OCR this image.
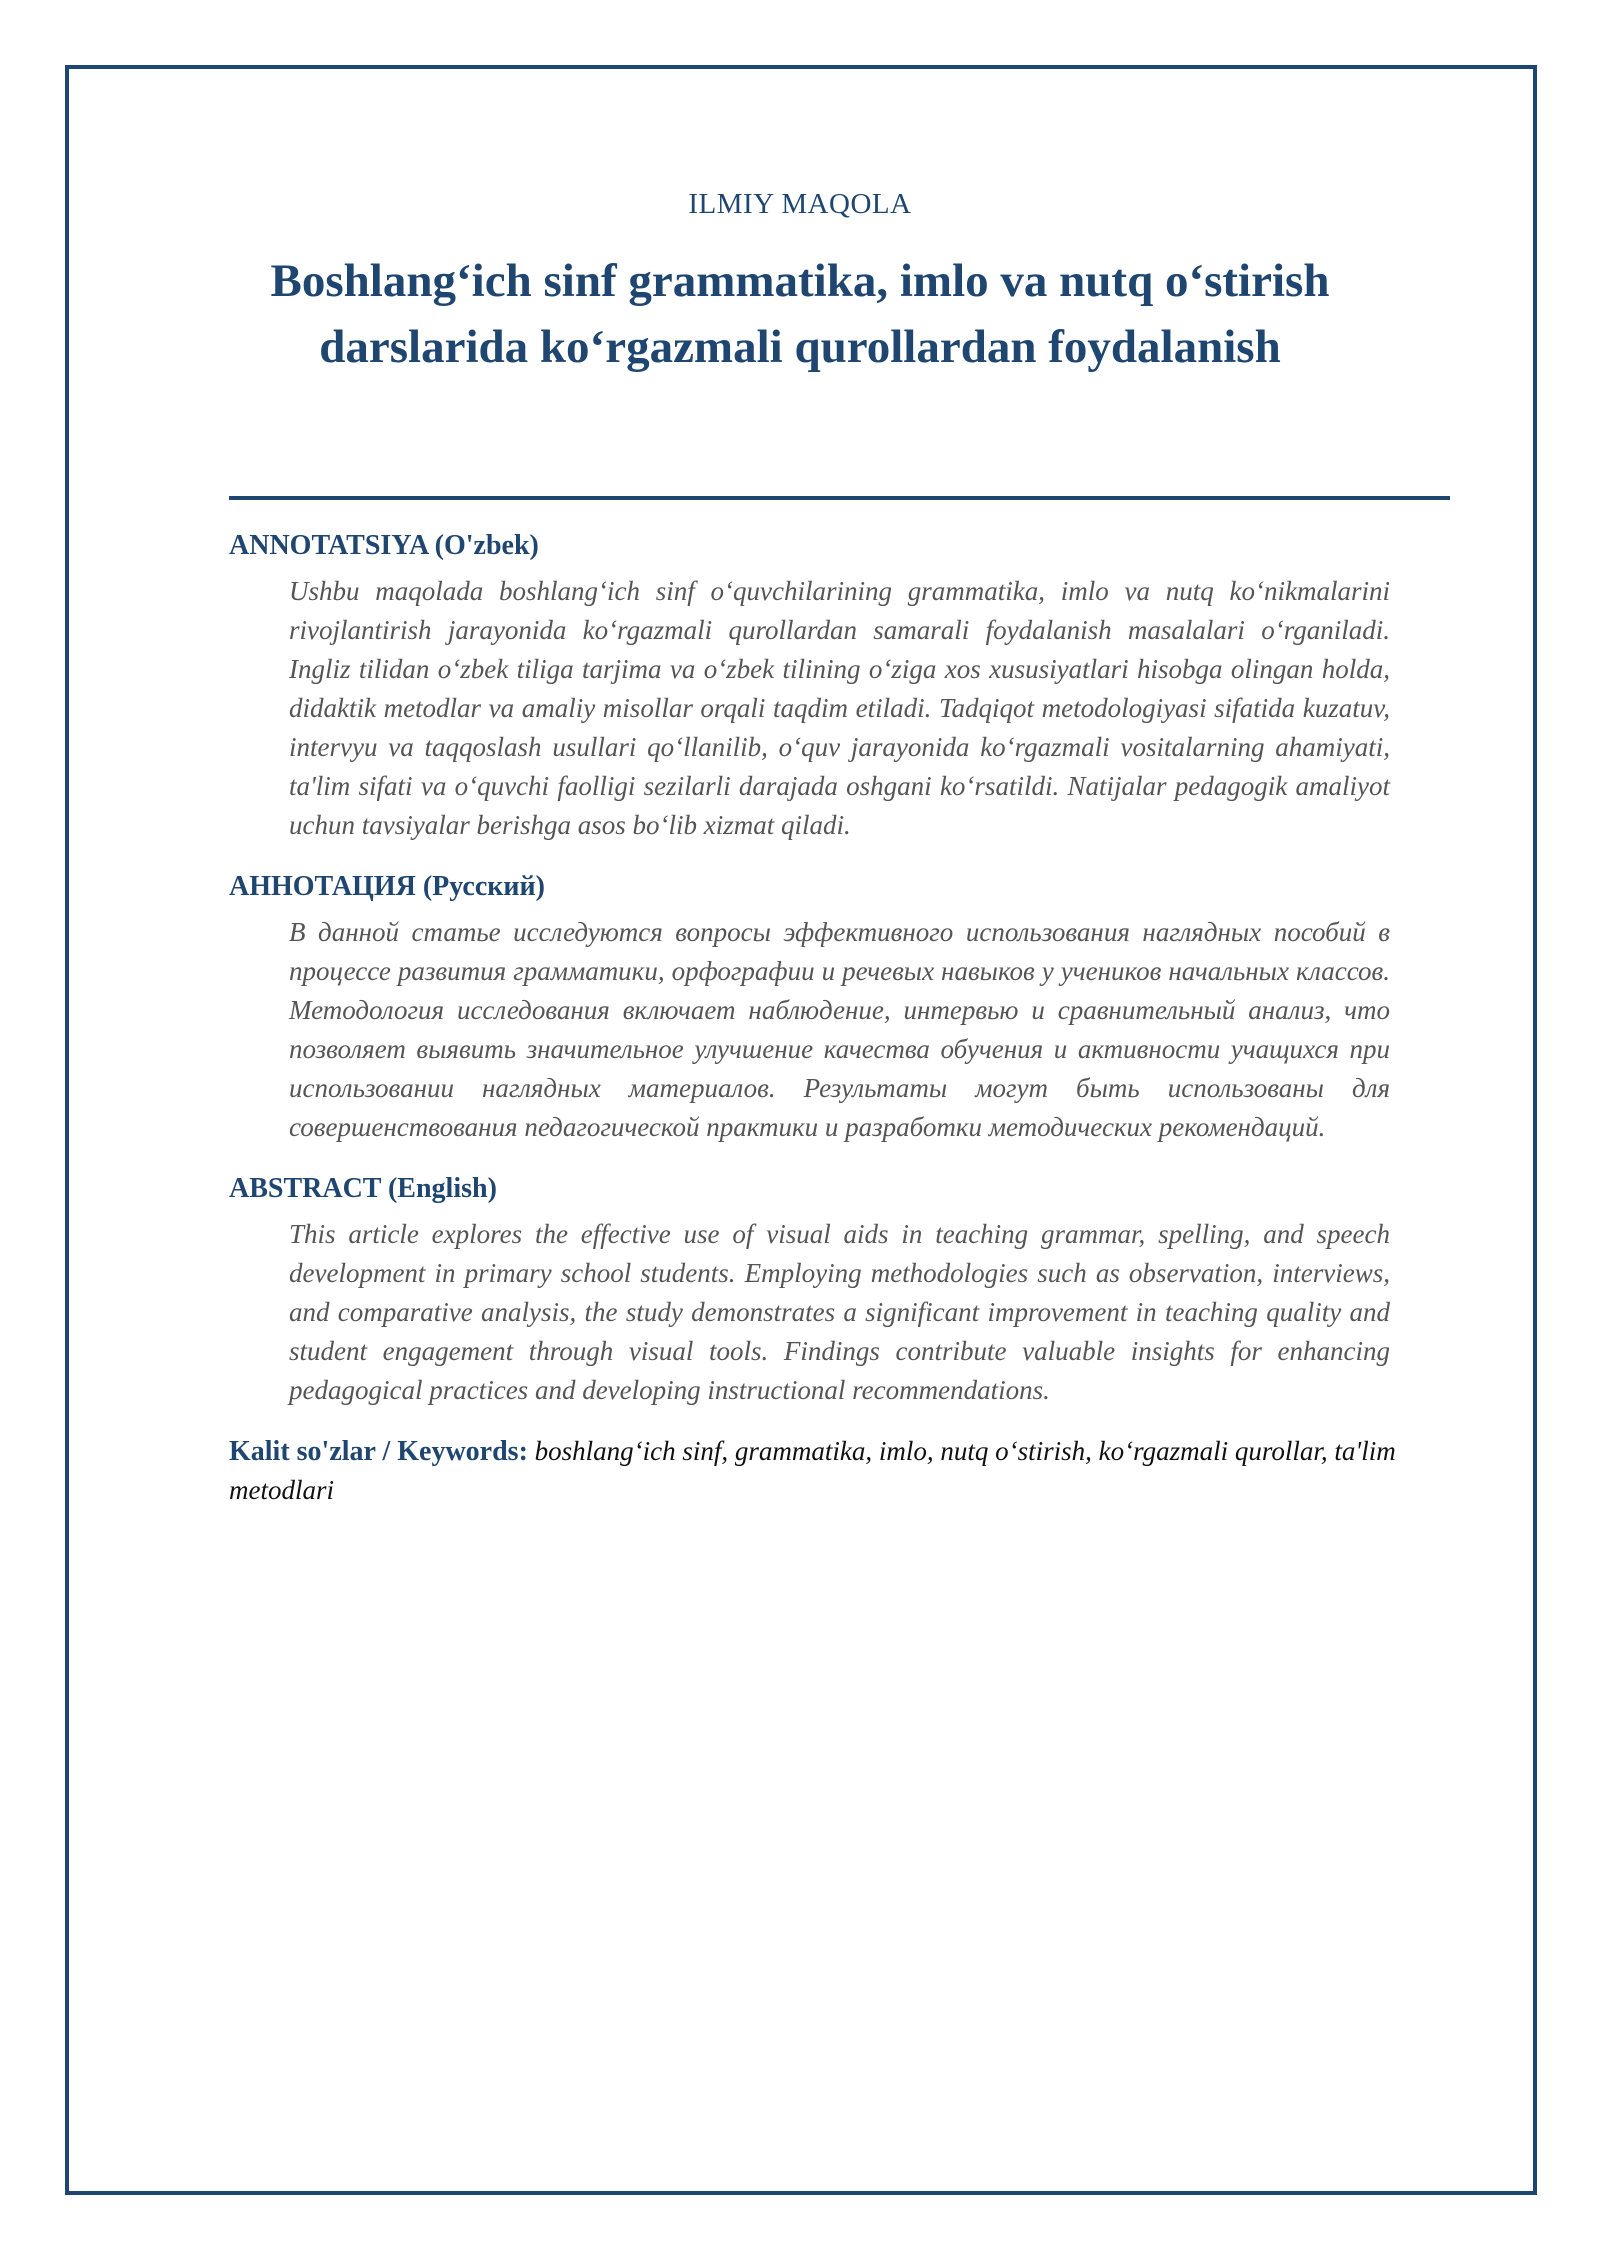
ILMIY MAQOLA
Boshlang‘ich sinf grammatika, imlo va nutq o‘stirish darslarida ko‘rgazmali qurollardan foydalanish
ANNOTATSIYA (O'zbek)

Ushbu maqolada boshlang‘ich sinf o‘quvchilarining grammatika, imlo va nutq ko‘nikmalarini rivojlantirish jarayonida ko‘rgazmali qurollardan samarali foydalanish masalalari o‘rganiladi. Ingliz tilidan o‘zbek tiliga tarjima va o‘zbek tilining o‘ziga xos xususiyatlari hisobga olingan holda, didaktik metodlar va amaliy misollar orqali taqdim etiladi. Tadqiqot metodologiyasi sifatida kuzatuv, intervyu va taqqoslash usullari qo‘llanilib, o‘quv jarayonida ko‘rgazmali vositalarning ahamiyati, ta'lim sifati va o‘quvchi faolligi sezilarli darajada oshgani ko‘rsatildi. Natijalar pedagogik amaliyot uchun tavsiyalar berishga asos bo‘lib xizmat qiladi.

АННОТАЦИЯ (Русский)

В данной статье исследуются вопросы эффективного использования наглядных пособий в процессе развития грамматики, орфографии и речевых навыков у учеников начальных классов. Методология исследования включает наблюдение, интервью и сравнительный анализ, что позволяет выявить значительное улучшение качества обучения и активности учащихся при использовании наглядных материалов. Результаты могут быть использованы для совершенствования педагогической практики и разработки методических рекомендаций.

ABSTRACT (English)

This article explores the effective use of visual aids in teaching grammar, spelling, and speech development in primary school students. Employing methodologies such as observation, interviews, and comparative analysis, the study demonstrates a significant improvement in teaching quality and student engagement through visual tools. Findings contribute valuable insights for enhancing pedagogical practices and developing instructional recommendations.

Kalit so'zlar / Keywords: boshlang‘ich sinf, grammatika, imlo, nutq o‘stirish, ko‘rgazmali qurollar, ta'lim metodlari
